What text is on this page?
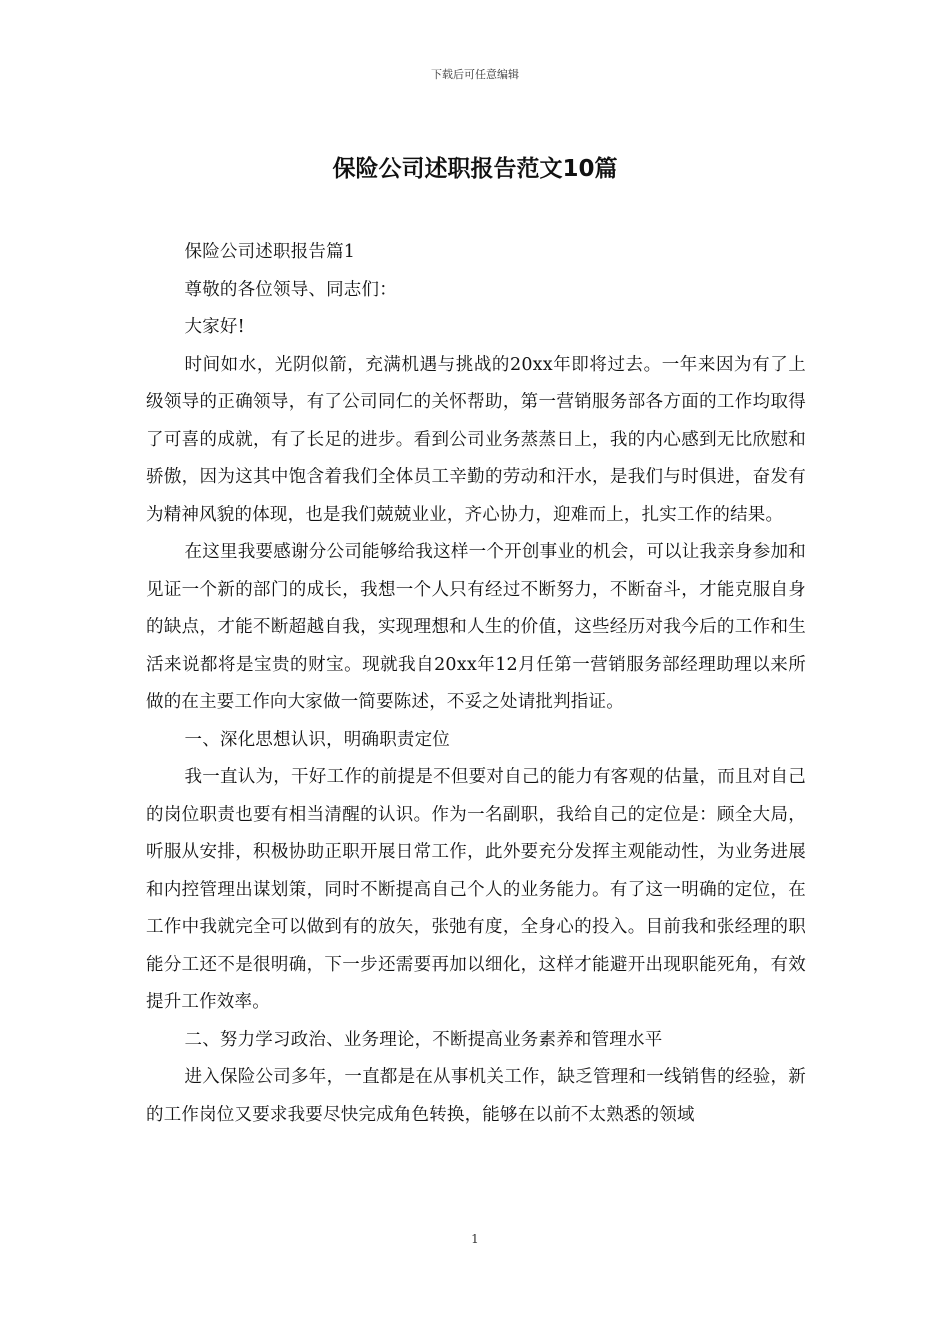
下载后可任意编辑
保险公司述职报告范文10篇

保险公司述职报告篇1

尊敬的各位领导、同志们：

大家好!

时间如水，光阴似箭，充满机遇与挑战的20xx年即将过去。一年来因为有了上级领导的正确领导，有了公司同仁的关怀帮助，第一营销服务部各方面的工作均取得了可喜的成就，有了长足的进步。看到公司业务蒸蒸日上，我的内心感到无比欣慰和骄傲，因为这其中饱含着我们全体员工辛勤的劳动和汗水，是我们与时俱进，奋发有为精神风貌的体现，也是我们兢兢业业，齐心协力，迎难而上，扎实工作的结果。

在这里我要感谢分公司能够给我这样一个开创事业的机会，可以让我亲身参加和见证一个新的部门的成长，我想一个人只有经过不断努力，不断奋斗，才能克服自身的缺点，才能不断超越自我，实现理想和人生的价值，这些经历对我今后的工作和生活来说都将是宝贵的财宝。现就我自20xx年12月任第一营销服务部经理助理以来所做的在主要工作向大家做一简要陈述，不妥之处请批判指证。

一、深化思想认识，明确职责定位

我一直认为，干好工作的前提是不但要对自己的能力有客观的估量，而且对自己的岗位职责也要有相当清醒的认识。作为一名副职，我给自己的定位是：顾全大局，听服从安排，积极协助正职开展日常工作，此外要充分发挥主观能动性，为业务进展和内控管理出谋划策，同时不断提高自己个人的业务能力。有了这一明确的定位，在工作中我就完全可以做到有的放矢，张弛有度，全身心的投入。目前我和张经理的职能分工还不是很明确，下一步还需要再加以细化，这样才能避开出现职能死角，有效提升工作效率。

二、努力学习政治、业务理论，不断提高业务素养和管理水平

进入保险公司多年，一直都是在从事机关工作，缺乏管理和一线销售的经验，新的工作岗位又要求我要尽快完成角色转换，能够在以前不太熟悉的领域

1
